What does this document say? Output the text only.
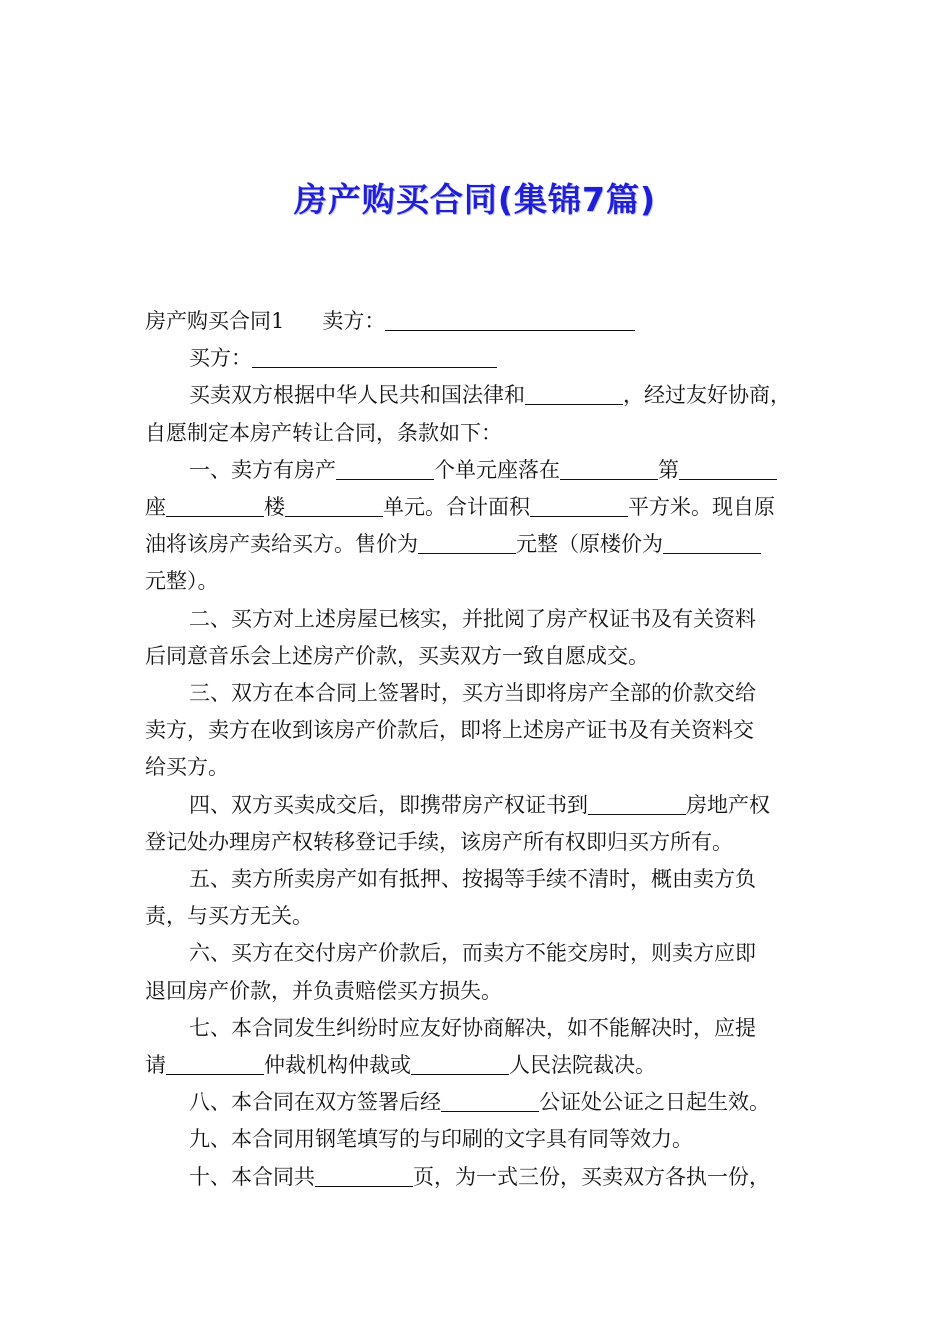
房产购买合同(集锦7篇)
房产购买合同1 卖方：
买方：
买卖双方根据中华人民共和国法律和	，经过友好协商，
自愿制定本房产转让合同，条款如下：
一、卖方有房产	个单元座落在	第
座	楼	单元。合计面积	平方米。现自原
油将该房产卖给买方。售价为	元整（原楼价为
元整）。
二、买方对上述房屋已核实，并批阅了房产权证书及有关资料
后同意音乐会上述房产价款，买卖双方一致自愿成交。
三、双方在本合同上签署时，买方当即将房产全部的价款交给
卖方，卖方在收到该房产价款后，即将上述房产证书及有关资料交
给买方。
四、双方买卖成交后，即携带房产权证书到	房地产权
登记处办理房产权转移登记手续，该房产所有权即归买方所有。
五、卖方所卖房产如有抵押、按揭等手续不清时，概由卖方负
责，与买方无关。
六、买方在交付房产价款后，而卖方不能交房时，则卖方应即
退回房产价款，并负责赔偿买方损失。
七、本合同发生纠纷时应友好协商解决，如不能解决时，应提
请	仲裁机构仲裁或	人民法院裁决。
八、本合同在双方签署后经	公证处公证之日起生效。
九、本合同用钢笔填写的与印刷的文字具有同等效力。
十、本合同共	页，为一式三份，买卖双方各执一份，
